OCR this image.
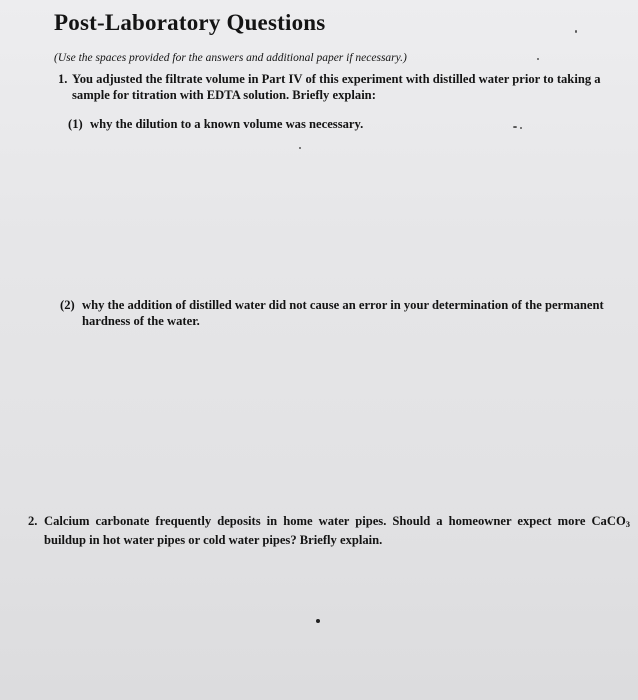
Post-Laboratory Questions
(Use the spaces provided for the answers and additional paper if necessary.)
1. You adjusted the filtrate volume in Part IV of this experiment with distilled water prior to taking a sample for titration with EDTA solution. Briefly explain:
(1) why the dilution to a known volume was necessary.
(2) why the addition of distilled water did not cause an error in your determination of the permanent hardness of the water.
2. Calcium carbonate frequently deposits in home water pipes. Should a homeowner expect more CaCO$_3$ buildup in hot water pipes or cold water pipes? Briefly explain.
